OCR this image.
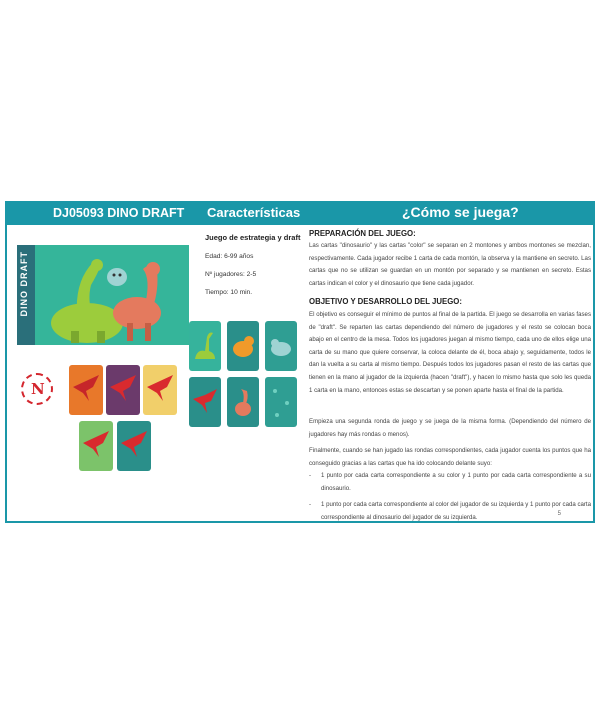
DJ05093 DINO DRAFT Características	¿Cómo se juega?
DINO DRAFT
N
Juego de estrategia y draft
Edad: 6-99 años
Nº jugadores: 2-5
Tiempo: 10 min.
PREPARACIÓN DEL JUEGO:
Las cartas "dinosaurio" y las cartas "color" se separan en 2 montones y ambos montones se mezclan, respectivamente. Cada jugador recibe 1 carta de cada montón, la observa y la mantiene en secreto. Las cartas que no se utilizan se guardan en un montón por separado y se mantienen en secreto. Estas cartas indican el color y el dinosaurio que tiene cada jugador.
OBJETIVO Y DESARROLLO DEL JUEGO:
El objetivo es conseguir el mínimo de puntos al final de la partida. El juego se desarrolla en varias fases de "draft". Se reparten las cartas dependiendo del número de jugadores y el resto se colocan boca abajo en el centro de la mesa. Todos los jugadores juegan al mismo tiempo, cada uno de ellos elige una carta de su mano que quiere conservar, la coloca delante de él, boca abajo y, seguidamente, todos le dan la vuelta a su carta al mismo tiempo. Después todos los jugadores pasan el resto de las cartas que tienen en la mano al jugador de la izquierda (hacen "draft"), y hacen lo mismo hasta que solo les queda 1 carta en la mano, entonces estas se descartan y se ponen aparte hasta el final de la partida.
Empieza una segunda ronda de juego y se juega de la misma forma. (Dependiendo del número de jugadores hay más rondas o menos).
Finalmente, cuando se han jugado las rondas correspondientes, cada jugador cuenta los puntos que ha conseguido gracias a las cartas que ha ido colocando delante suyo:
- 1 punto por cada carta correspondiente a su color y 1 punto por cada carta correspondiente a su dinosaurio.
- 1 punto por cada carta correspondiente al color del jugador de su izquierda y 1 punto por cada carta correspondiente al dinosaurio del jugador de su izquierda.	5
